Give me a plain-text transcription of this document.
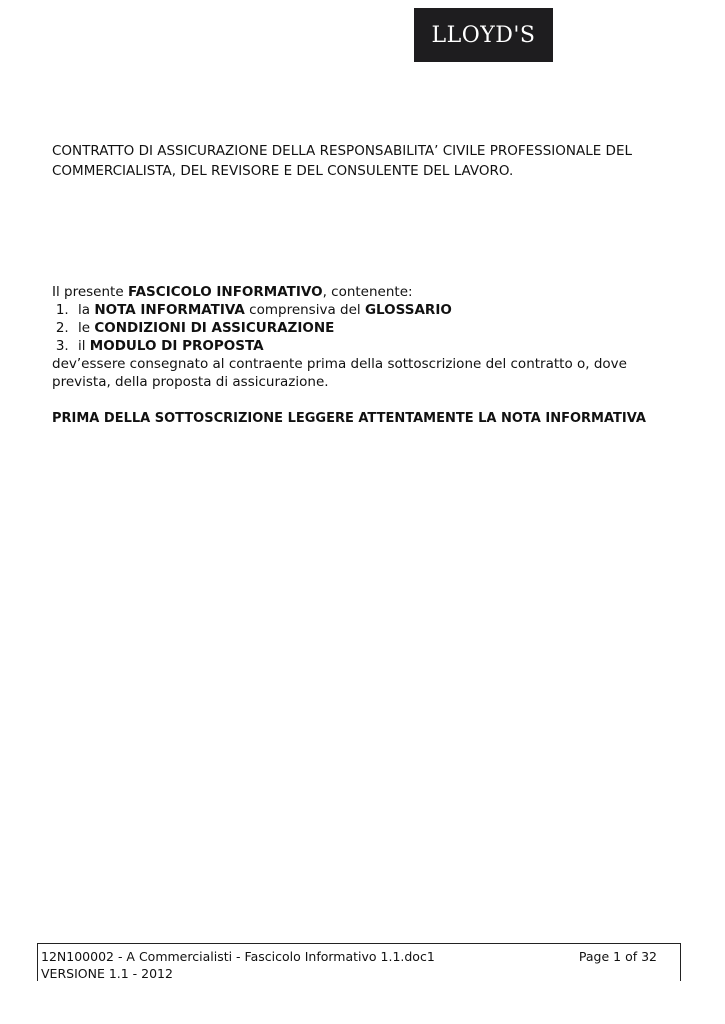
LLOYD'S
CONTRATTO DI ASSICURAZIONE DELLA RESPONSABILITA’ CIVILE PROFESSIONALE DEL COMMERCIALISTA, DEL REVISORE E DEL CONSULENTE DEL LAVORO.

Il presente FASCICOLO INFORMATIVO, contenente:

1. la NOTA INFORMATIVA comprensiva del GLOSSARIO
2. le CONDIZIONI DI ASSICURAZIONE
3. il MODULO DI PROPOSTA

dev’essere consegnato al contraente prima della sottoscrizione del contratto o, dove prevista, della proposta di assicurazione.

PRIMA DELLA SOTTOSCRIZIONE LEGGERE ATTENTAMENTE LA NOTA INFORMATIVA
12N100002 - A Commercialisti - Fascicolo Informativo 1.1.doc1	Page 1 of 32
VERSIONE 1.1 - 2012
